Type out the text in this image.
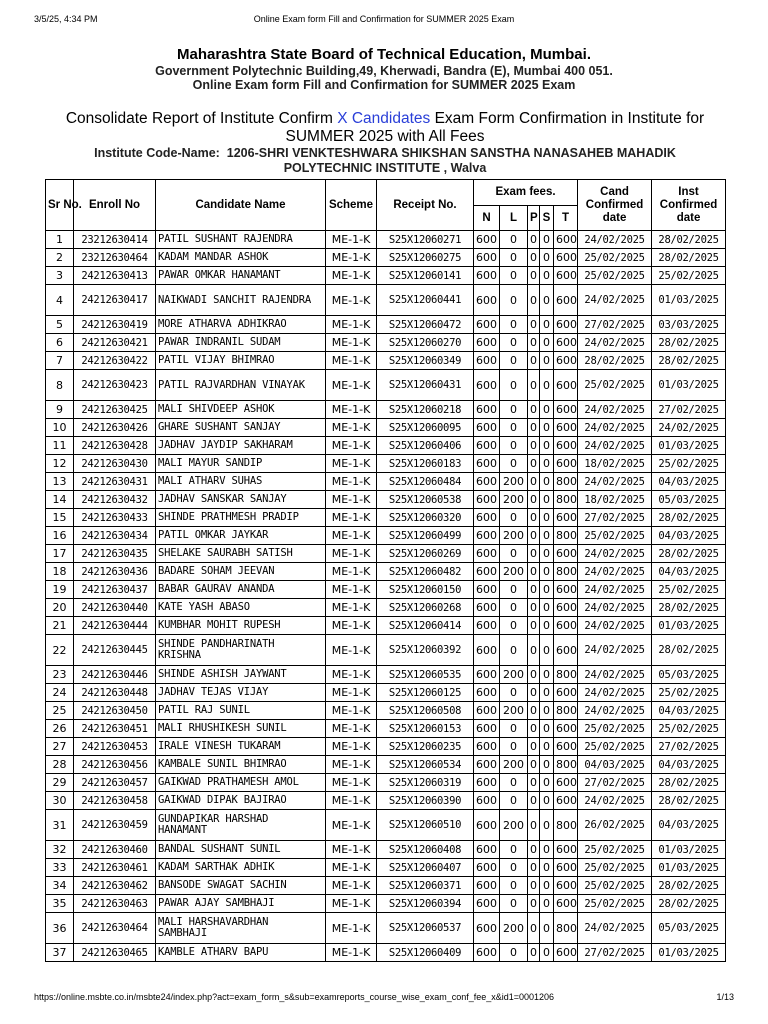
3/5/25, 4:34 PM	Online Exam form Fill and Confirmation for SUMMER 2025 Exam
Maharashtra State Board of Technical Education, Mumbai.
Government Polytechnic Building,49, Kherwadi, Bandra (E), Mumbai 400 051.
Online Exam form Fill and Confirmation for SUMMER 2025 Exam
Consolidate Report of Institute Confirm X Candidates Exam Form Confirmation in Institute for SUMMER 2025 with All Fees
Institute Code-Name: 1206-SHRI VENKTESHWARA SHIKSHAN SANSTHA NANASAHEB MAHADIK POLYTECHNIC INSTITUTE , Walva
Sr No.	Enroll No	Candidate Name	Scheme	Receipt No.	Exam fees.					Cand Confirmed date	Inst Confirmed date
					N	L	P	S	T		
1	23212630414	PATIL SUSHANT RAJENDRA	ME-1-K	S25X12060271	600	0	0	0	600	24/02/2025	28/02/2025
2	23212630464	KADAM MANDAR ASHOK	ME-1-K	S25X12060275	600	0	0	0	600	25/02/2025	28/02/2025
3	24212630413	PAWAR OMKAR HANAMANT	ME-1-K	S25X12060141	600	0	0	0	600	25/02/2025	25/02/2025
4	24212630417	NAIKWADI SANCHIT RAJENDRA	ME-1-K	S25X12060441	600	0	0	0	600	24/02/2025	01/03/2025
5	24212630419	MORE ATHARVA ADHIKRAO	ME-1-K	S25X12060472	600	0	0	0	600	27/02/2025	03/03/2025
6	24212630421	PAWAR INDRANIL SUDAM	ME-1-K	S25X12060270	600	0	0	0	600	24/02/2025	28/02/2025
7	24212630422	PATIL VIJAY BHIMRAO	ME-1-K	S25X12060349	600	0	0	0	600	28/02/2025	28/02/2025
8	24212630423	PATIL RAJVARDHAN VINAYAK	ME-1-K	S25X12060431	600	0	0	0	600	25/02/2025	01/03/2025
9	24212630425	MALI SHIVDEEP ASHOK	ME-1-K	S25X12060218	600	0	0	0	600	24/02/2025	27/02/2025
10	24212630426	GHARE SUSHANT SANJAY	ME-1-K	S25X12060095	600	0	0	0	600	24/02/2025	24/02/2025
11	24212630428	JADHAV JAYDIP SAKHARAM	ME-1-K	S25X12060406	600	0	0	0	600	24/02/2025	01/03/2025
12	24212630430	MALI MAYUR SANDIP	ME-1-K	S25X12060183	600	0	0	0	600	18/02/2025	25/02/2025
13	24212630431	MALI ATHARV SUHAS	ME-1-K	S25X12060484	600	200	0	0	800	24/02/2025	04/03/2025
14	24212630432	JADHAV SANSKAR SANJAY	ME-1-K	S25X12060538	600	200	0	0	800	18/02/2025	05/03/2025
15	24212630433	SHINDE PRATHMESH PRADIP	ME-1-K	S25X12060320	600	0	0	0	600	27/02/2025	28/02/2025
16	24212630434	PATIL OMKAR JAYKAR	ME-1-K	S25X12060499	600	200	0	0	800	25/02/2025	04/03/2025
17	24212630435	SHELAKE SAURABH SATISH	ME-1-K	S25X12060269	600	0	0	0	600	24/02/2025	28/02/2025
18	24212630436	BADARE SOHAM JEEVAN	ME-1-K	S25X12060482	600	200	0	0	800	24/02/2025	04/03/2025
19	24212630437	BABAR GAURAV ANANDA	ME-1-K	S25X12060150	600	0	0	0	600	24/02/2025	25/02/2025
20	24212630440	KATE YASH ABASO	ME-1-K	S25X12060268	600	0	0	0	600	24/02/2025	28/02/2025
21	24212630444	KUMBHAR MOHIT RUPESH	ME-1-K	S25X12060414	600	0	0	0	600	24/02/2025	01/03/2025
22	24212630445	SHINDE PANDHARINATH KRISHNA	ME-1-K	S25X12060392	600	0	0	0	600	24/02/2025	28/02/2025
23	24212630446	SHINDE ASHISH JAYWANT	ME-1-K	S25X12060535	600	200	0	0	800	24/02/2025	05/03/2025
24	24212630448	JADHAV TEJAS VIJAY	ME-1-K	S25X12060125	600	0	0	0	600	24/02/2025	25/02/2025
25	24212630450	PATIL RAJ SUNIL	ME-1-K	S25X12060508	600	200	0	0	800	24/02/2025	04/03/2025
26	24212630451	MALI RHUSHIKESH SUNIL	ME-1-K	S25X12060153	600	0	0	0	600	25/02/2025	25/02/2025
27	24212630453	IRALE VINESH TUKARAM	ME-1-K	S25X12060235	600	0	0	0	600	25/02/2025	27/02/2025
28	24212630456	KAMBALE SUNIL BHIMRAO	ME-1-K	S25X12060534	600	200	0	0	800	04/03/2025	04/03/2025
29	24212630457	GAIKWAD PRATHAMESH AMOL	ME-1-K	S25X12060319	600	0	0	0	600	27/02/2025	28/02/2025
30	24212630458	GAIKWAD DIPAK BAJIRAO	ME-1-K	S25X12060390	600	0	0	0	600	24/02/2025	28/02/2025
31	24212630459	GUNDAPIKAR HARSHAD HANAMANT	ME-1-K	S25X12060510	600	200	0	0	800	26/02/2025	04/03/2025
32	24212630460	BANDAL SUSHANT SUNIL	ME-1-K	S25X12060408	600	0	0	0	600	25/02/2025	01/03/2025
33	24212630461	KADAM SARTHAK ADHIK	ME-1-K	S25X12060407	600	0	0	0	600	25/02/2025	01/03/2025
34	24212630462	BANSODE SWAGAT SACHIN	ME-1-K	S25X12060371	600	0	0	0	600	25/02/2025	28/02/2025
35	24212630463	PAWAR AJAY SAMBHAJI	ME-1-K	S25X12060394	600	0	0	0	600	25/02/2025	28/02/2025
36	24212630464	MALI HARSHAVARDHAN SAMBHAJI	ME-1-K	S25X12060537	600	200	0	0	800	24/02/2025	05/03/2025
37	24212630465	KAMBLE ATHARV BAPU	ME-1-K	S25X12060409	600	0	0	0	600	27/02/2025	01/03/2025
https://online.msbte.co.in/msbte24/index.php?act=exam_form_s&sub=examreports_course_wise_exam_conf_fee_x&id1=0001206	1/13
